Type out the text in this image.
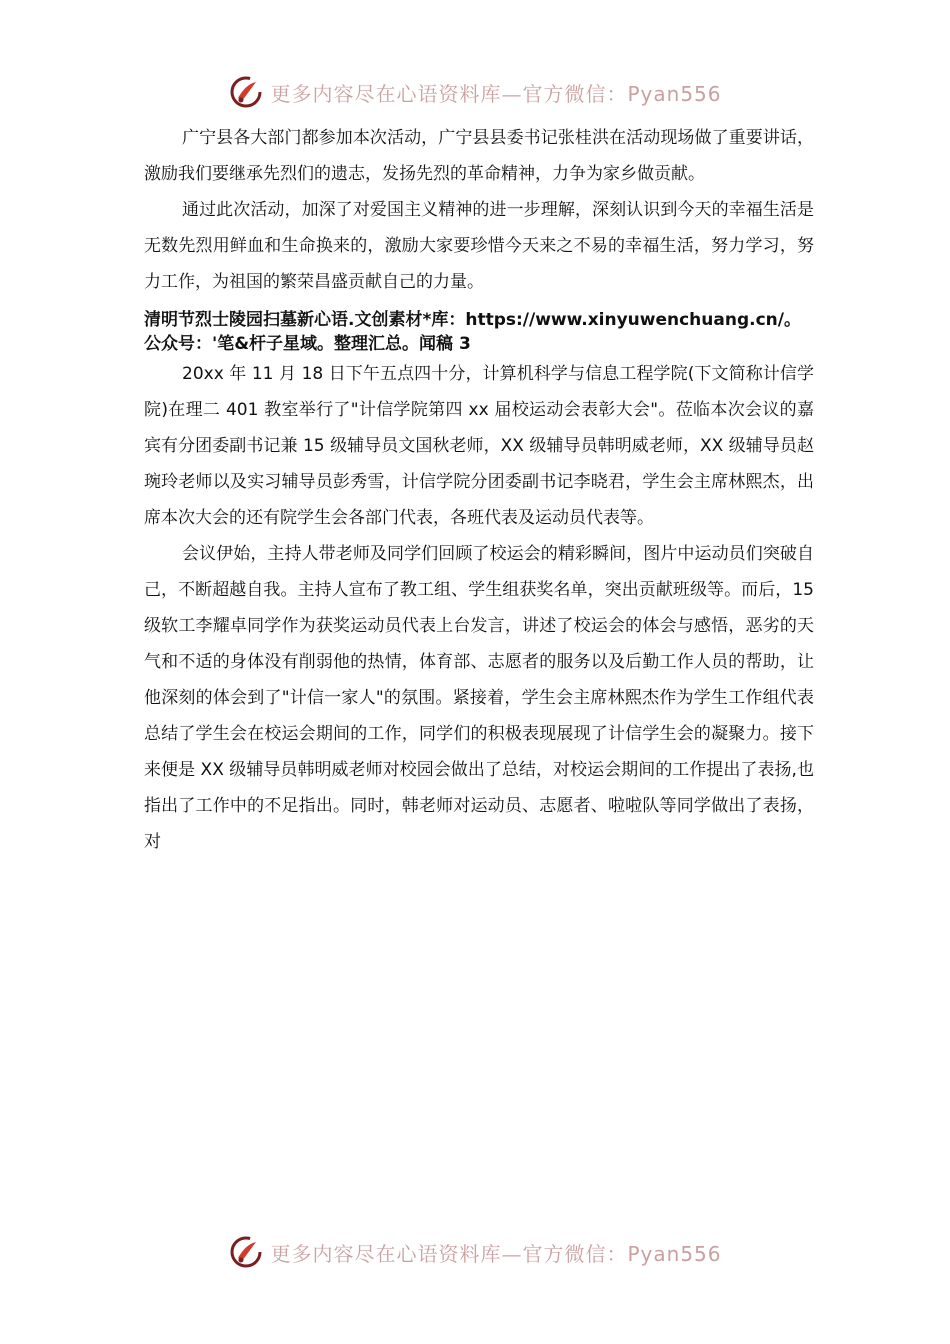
更多内容尽在心语资料库—官方微信：Pyan556

广宁县各大部门都参加本次活动，广宁县县委书记张桂洪在活动现场做了重要讲话，激励我们要继承先烈们的遗志，发扬先烈的革命精神，力争为家乡做贡献。

通过此次活动，加深了对爱国主义精神的进一步理解，深刻认识到今天的幸福生活是无数先烈用鲜血和生命换来的，激励大家要珍惜今天来之不易的幸福生活，努力学习，努力工作，为祖国的繁荣昌盛贡献自己的力量。

清明节烈士陵园扫墓新心语.文创素材*库：https://www.xinyuwenchuang.cn/。公众号：'笔&杆子星域。整理汇总。闻稿 3

20xx 年 11 月 18 日下午五点四十分，计算机科学与信息工程学院(下文简称计信学院)在理二 401 教室举行了"计信学院第四 xx 届校运动会表彰大会"。莅临本次会议的嘉宾有分团委副书记兼 15 级辅导员文国秋老师，XX 级辅导员韩明威老师，XX 级辅导员赵琬玲老师以及实习辅导员彭秀雪，计信学院分团委副书记李晓君，学生会主席林熙杰，出席本次大会的还有院学生会各部门代表，各班代表及运动员代表等。

会议伊始，主持人带老师及同学们回顾了校运会的精彩瞬间，图片中运动员们突破自己，不断超越自我。主持人宣布了教工组、学生组获奖名单，突出贡献班级等。而后，15 级软工李耀卓同学作为获奖运动员代表上台发言，讲述了校运会的体会与感悟，恶劣的天气和不适的身体没有削弱他的热情，体育部、志愿者的服务以及后勤工作人员的帮助，让他深刻的体会到了"计信一家人"的氛围。紧接着，学生会主席林熙杰作为学生工作组代表总结了学生会在校运会期间的工作，同学们的积极表现展现了计信学生会的凝聚力。接下来便是 XX 级辅导员韩明威老师对校园会做出了总结，对校运会期间的工作提出了表扬,也指出了工作中的不足指出。同时，韩老师对运动员、志愿者、啦啦队等同学做出了表扬，对

更多内容尽在心语资料库—官方微信：Pyan556
